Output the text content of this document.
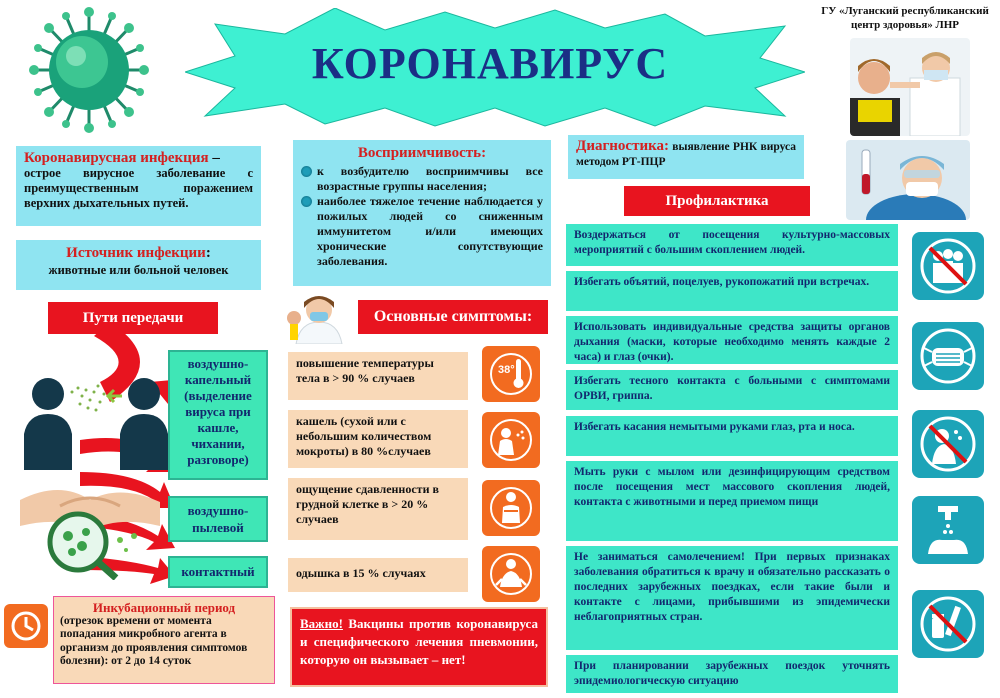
КОРОНАВИРУС
ГУ «Луганский республиканский
центр здоровья» ЛНР
Коронавирусная инфекция –
острое вирусное заболевание с преимущественным поражением верхних дыхательных путей.
Источник инфекции:
животные или больной человек
Пути передачи
воздушно-капельный (выделение вируса при кашле, чихании, разговоре)
воздушно-пылевой
контактный
Инкубационный период
(отрезок времени от момента попадания микробного агента в организм до проявления симптомов болезни): от 2 до 14 суток
Восприимчивость:
к возбудителю восприимчивы все возрастные группы населения;
наиболее тяжелое течение наблюдается у пожилых людей со сниженным иммунитетом и/или имеющих хронические сопутствующие заболевания.
Основные симптомы:
повышение температуры тела в > 90 % случаев
кашель (сухой или с небольшим количеством мокроты) в 80 %случаев
ощущение сдавленности в грудной клетке в > 20 % случаев
одышка в 15 % случаях
38°
Важно! Вакцины против коронавируса и специфического лечения пневмонии, которую он вызывает – нет!
Диагностика: выявление РНК вируса методом РТ-ПЦР
Профилактика
Воздержаться от посещения культурно-массовых мероприятий с большим скоплением людей.
Избегать объятий, поцелуев, рукопожатий при встречах.
Использовать индивидуальные средства защиты органов дыхания (маски, которые необходимо менять каждые 2 часа) и глаз (очки).
Избегать тесного контакта с больными с симптомами ОРВИ, гриппа.
Избегать касания немытыми руками глаз, рта и носа.
Мыть руки с мылом или дезинфицирующим средством после посещения мест массового скопления людей, контакта с животными и перед приемом пищи
Не заниматься самолечением! При первых признаках заболевания обратиться к врачу и обязательно рассказать о последних зарубежных поездках, если такие были и контакте с лицами, прибывшими из эпидемически неблагоприятных стран.
При планировании зарубежных поездок уточнять эпидемиологическую ситуацию
